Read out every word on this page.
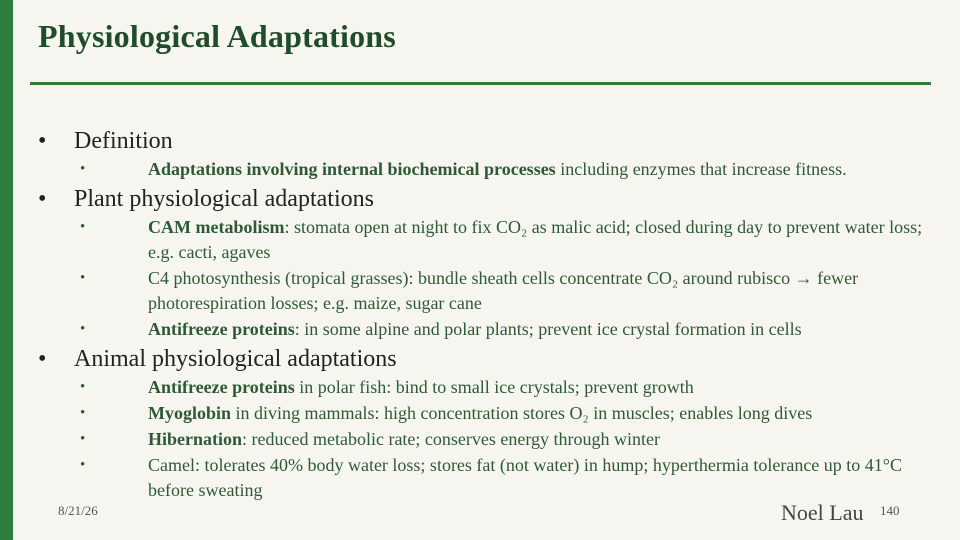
Physiological Adaptations
• Definition
•	Adaptations involving internal biochemical processes including enzymes that increase fitness.
• Plant physiological adaptations
•	CAM metabolism: stomata open at night to fix CO₂ as malic acid; closed during day to prevent water loss; e.g. cacti, agaves
•	C4 photosynthesis (tropical grasses): bundle sheath cells concentrate CO₂ around rubisco → fewer photorespiration losses; e.g. maize, sugar cane
•	Antifreeze proteins: in some alpine and polar plants; prevent ice crystal formation in cells
• Animal physiological adaptations
•	Antifreeze proteins in polar fish: bind to small ice crystals; prevent growth
•	Myoglobin in diving mammals: high concentration stores O₂ in muscles; enables long dives
•	Hibernation: reduced metabolic rate; conserves energy through winter
•	Camel: tolerates 40% body water loss; stores fat (not water) in hump; hyperthermia tolerance up to 41°C before sweating
8/21/26	Noel Lau 140
